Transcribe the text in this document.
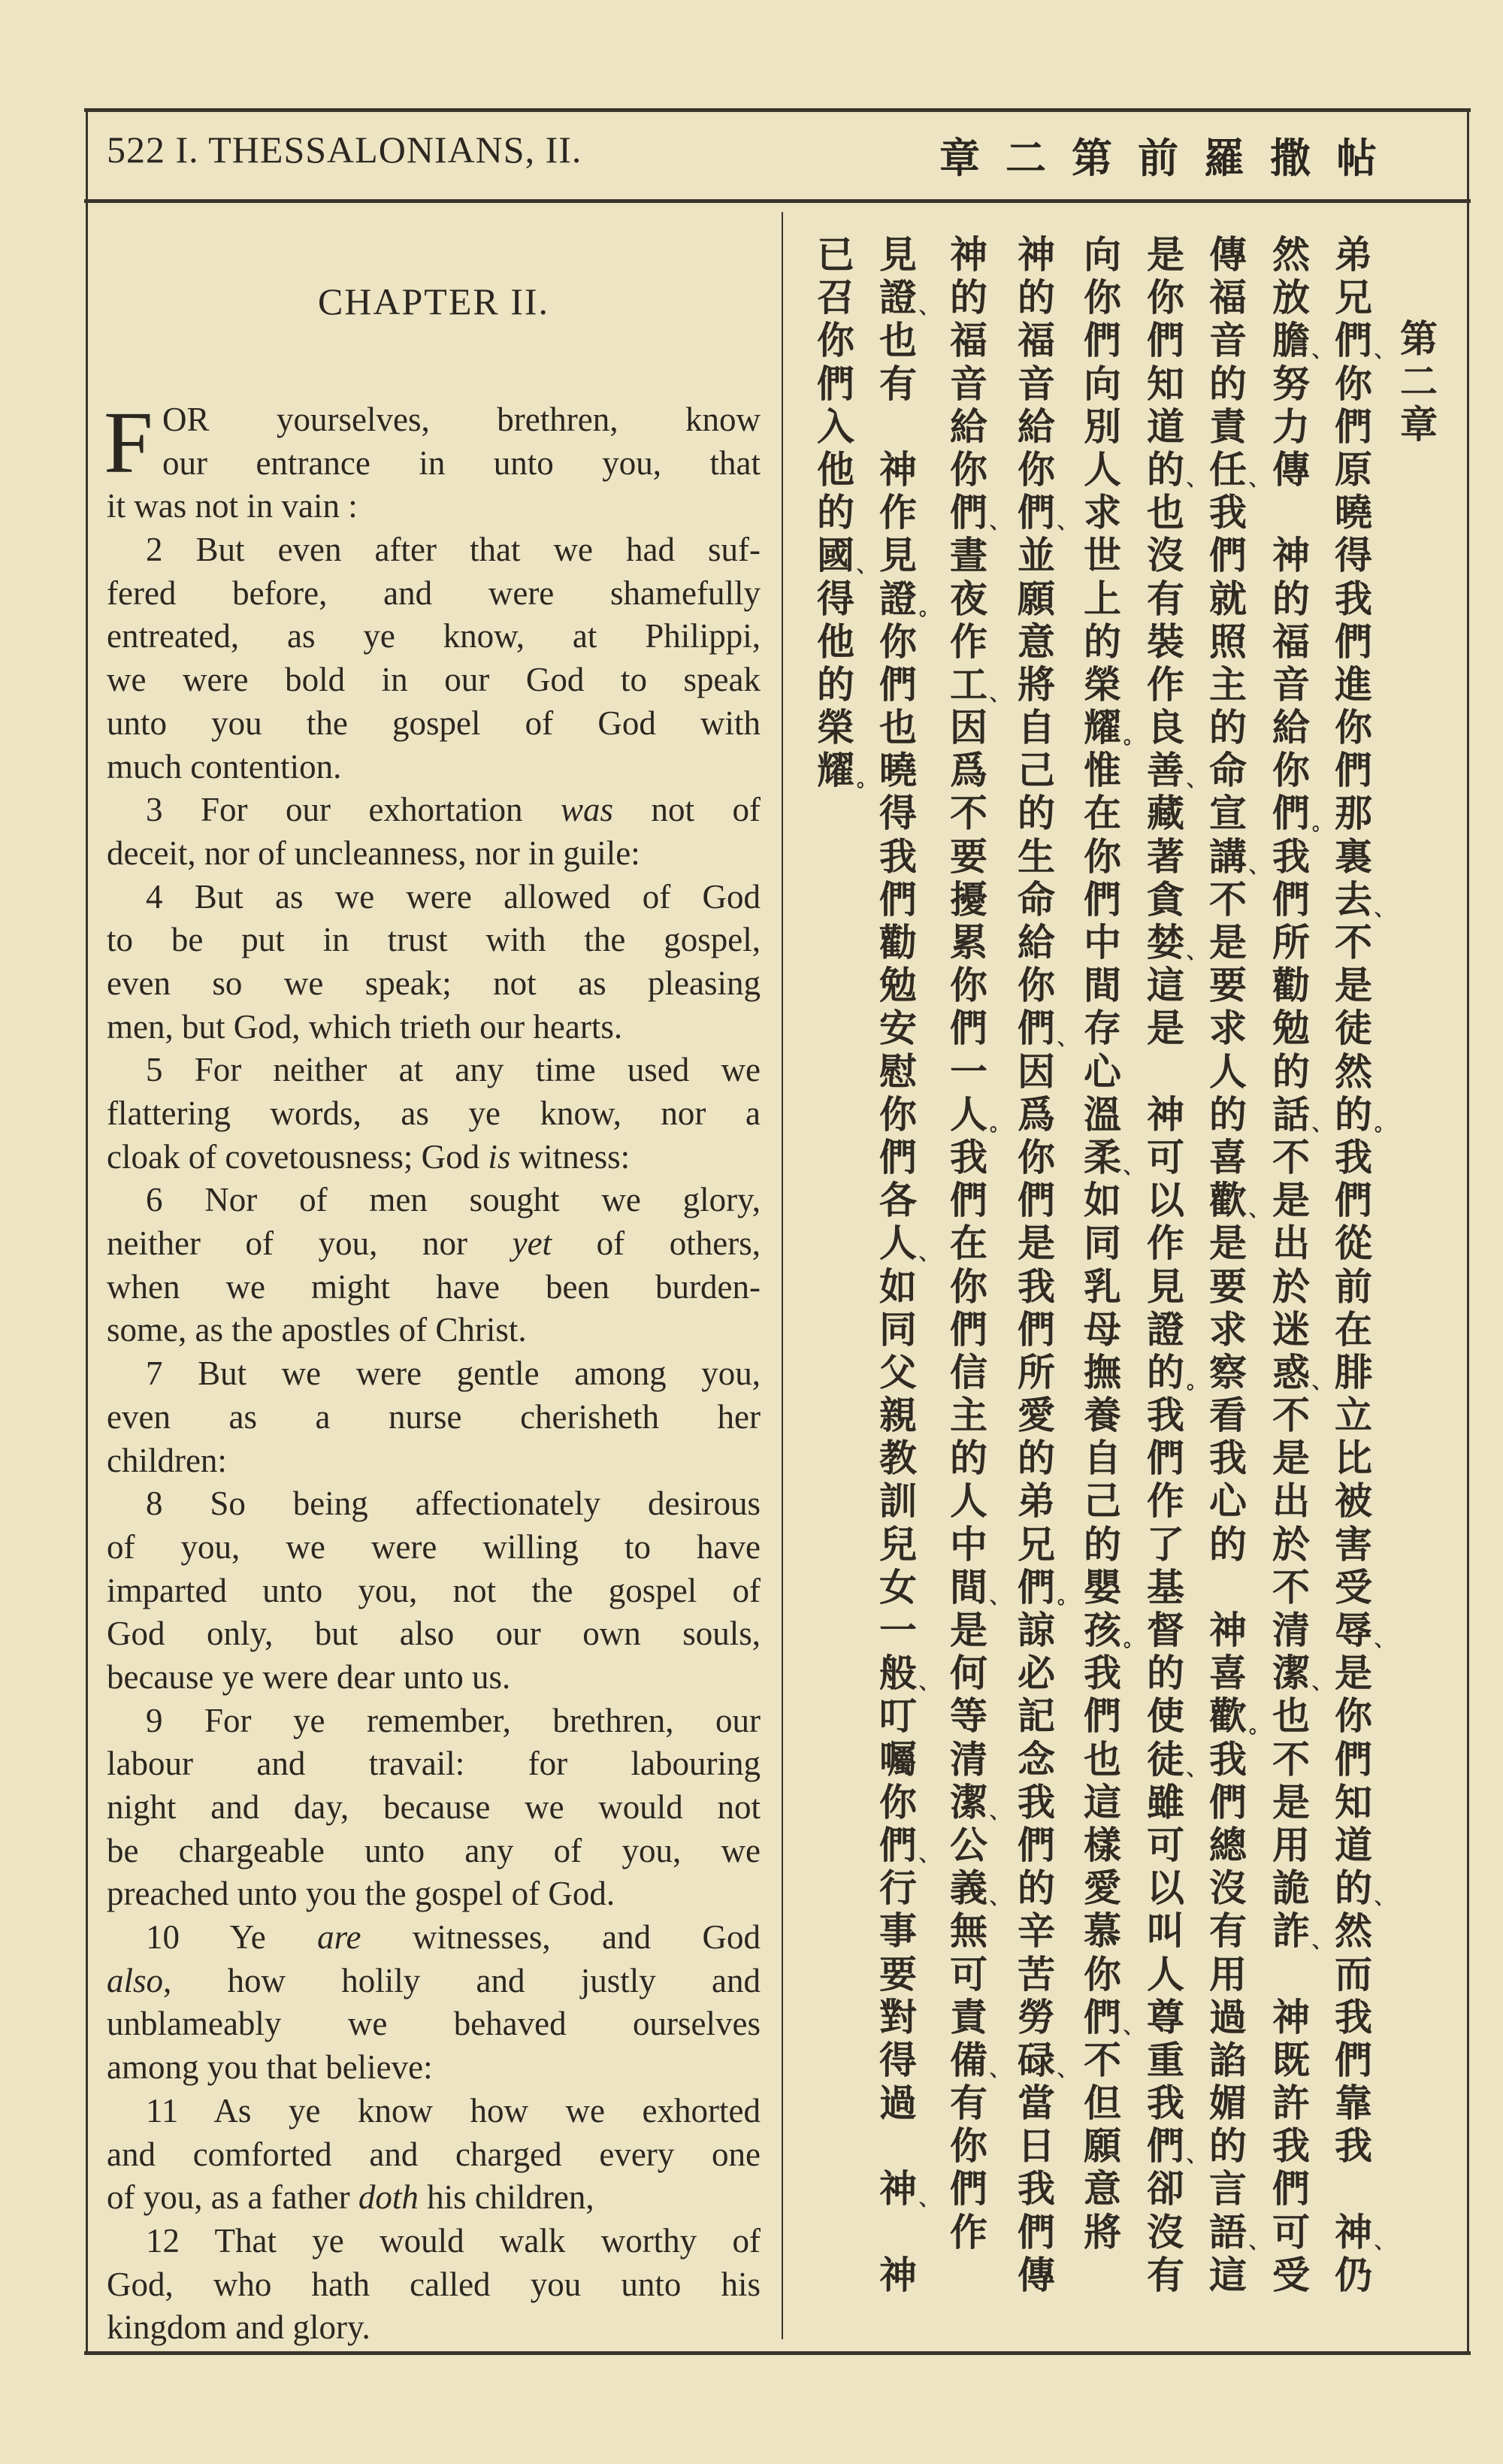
522 I. THESSALONIANS, II.	章二第前羅撒帖
CHAPTER II.
F OR yourselves, brethren, know
our entrance in unto you, that
it was not in vain :
2 But even after that we had suf-
fered before, and were shamefully
entreated, as ye know, at Philippi,
we were bold in our God to speak
unto you the gospel of God with
much contention.
3 For our exhortation was not of
deceit, nor of uncleanness, nor in guile:
4 But as we were allowed of God
to be put in trust with the gospel,
even so we speak; not as pleasing
men, but God, which trieth our hearts.
5 For neither at any time used we
flattering words, as ye know, nor a
cloak of covetousness; God is witness:
6 Nor of men sought we glory,
neither of you, nor yet of others,
when we might have been burden-
some, as the apostles of Christ.
7 But we were gentle among you,
even as a nurse cherisheth her
children:
8 So being affectionately desirous
of you, we were willing to have
imparted unto you, not the gospel of
God only, but also our own souls,
because ye were dear unto us.
9 For ye remember, brethren, our
labour and travail: for labouring
night and day, because we would not
be chargeable unto any of you, we
preached unto you the gospel of God.
10 Ye are witnesses, and God
also, how holily and justly and
unblameably we behaved ourselves
among you that believe:
11 As ye know how we exhorted
and comforted and charged every one
of you, as a father doth his children,
12 That ye would walk worthy of
God, who hath called you unto his
kingdom and glory.
第
二
章
弟
兄
們 、
你
們
原
曉
得
我
們
進
你
們
那
裏
去 、
不
是
徒
然
的 。
我
們
從
前
在
腓
立
比
被
害
受
辱 、
是
你
們
知
道
的 、
然
而
我
們
靠
我

神 、
仍
然
放
膽 、
努
力
傳

神
的
福
音
給
你
們 。
我
們
所
勸
勉
的
話 、
不
是
出
於
迷
惑 、
不
是
出
於
不
清
潔 、
也
不
是
用
詭
詐 、

神
既
許
我
們
可
受
傳
福
音
的
責
任 、
我
們
就
照
主
的
命
宣
講 、
不
是
要
求
人
的
喜
歡 、
是
要
求
察
看
我
心
的

神
喜
歡 。
我
們
總
沒
有
用
過
諂
媚
的
言
語 、
這
是
你
們
知
道
的 、
也
沒
有
裝
作
良
善 、
藏
著
貪
婪 、
這
是

神
可
以
作
見
證
的 。
我
們
作
了
基
督
的
使
徒 、
雖
可
以
叫
人
尊
重
我
們 、
卻
沒
有
向
你
們
向
別
人
求
世
上
的
榮
耀 。
惟
在
你
們
中
間
存
心
溫
柔 、
如
同
乳
母
撫
養
自
己
的
嬰
孩 。
我
們
也
這
樣
愛
慕
你
們 、
不
但
願
意
將
神
的
福
音
給
你
們 、
並
願
意
將
自
己
的
生
命
給
你
們 、
因
爲
你
們
是
我
們
所
愛
的
弟
兄
們 。
諒
必
記
念
我
們
的
辛
苦
勞
碌 、
當
日
我
們
傳
神
的
福
音
給
你
們 、
晝
夜
作
工 、
因
爲
不
要
擾
累
你
們
一
人 。
我
們
在
你
們
信
主
的
人
中
間 、
是
何
等
清
潔 、
公
義 、
無
可
責
備 、
有
你
們
作
見
證 、
也
有

神
作
見
證 。
你
們
也
曉
得
我
們
勸
勉
安
慰
你
們
各
人 、
如
同
父
親
教
訓
兒
女
一
般 、
叮
囑
你
們 、
行
事
要
對
得
過

神 、

神
已
召
你
們
入
他
的
國 、
得
他
的
榮
耀 。
